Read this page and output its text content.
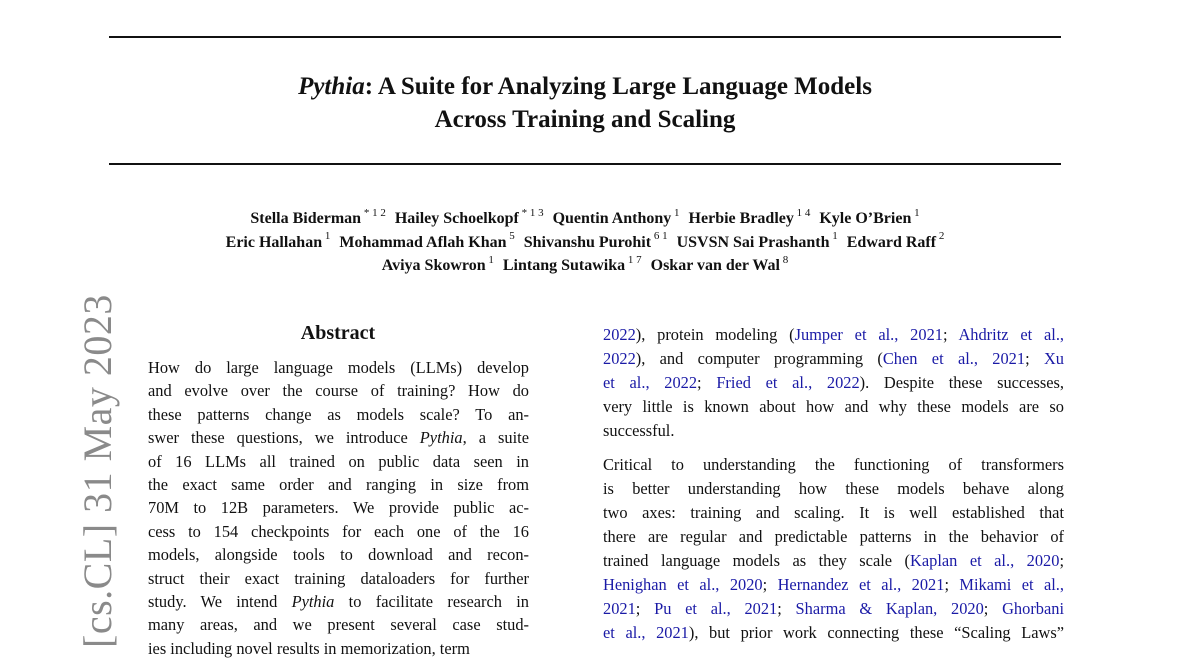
Pythia: A Suite for Analyzing Large Language Models
Across Training and Scaling
Stella Biderman $^{* 1 2}$ Hailey Schoelkopf $^{* 1 3}$ Quentin Anthony $^1$ Herbie Bradley $^{1 4}$ Kyle O’Brien $^1$
Eric Hallahan $^1$ Mohammad Aflah Khan $^5$ Shivanshu Purohit $^{6 1}$ USVSN Sai Prashanth $^1$ Edward Raff $^2$
Aviya Skowron $^1$ Lintang Sutawika $^{1 7}$ Oskar van der Wal $^8$
[cs.CL] 31 May 2023	Abstract
How do large language models (LLMs) develop
and evolve over the course of training? How do
these patterns change as models scale? To an-
swer these questions, we introduce Pythia, a suite
of 16 LLMs all trained on public data seen in
the exact same order and ranging in size from
70M to 12B parameters. We provide public ac-
cess to 154 checkpoints for each one of the 16
models, alongside tools to download and recon-
struct their exact training dataloaders for further
study. We intend Pythia to facilitate research in
many areas, and we present several case stud-
ies including novel results in memorization, term
2022), protein modeling (Jumper et al., 2021; Ahdritz et al.,
2022), and computer programming (Chen et al., 2021; Xu
et al., 2022; Fried et al., 2022). Despite these successes,
very little is known about how and why these models are so
successful.
Critical to understanding the functioning of transformers
is better understanding how these models behave along
two axes: training and scaling. It is well established that
there are regular and predictable patterns in the behavior of
trained language models as they scale (Kaplan et al., 2020;
Henighan et al., 2020; Hernandez et al., 2021; Mikami et al.,
2021; Pu et al., 2021; Sharma & Kaplan, 2020; Ghorbani
et al., 2021), but prior work connecting these “Scaling Laws”
